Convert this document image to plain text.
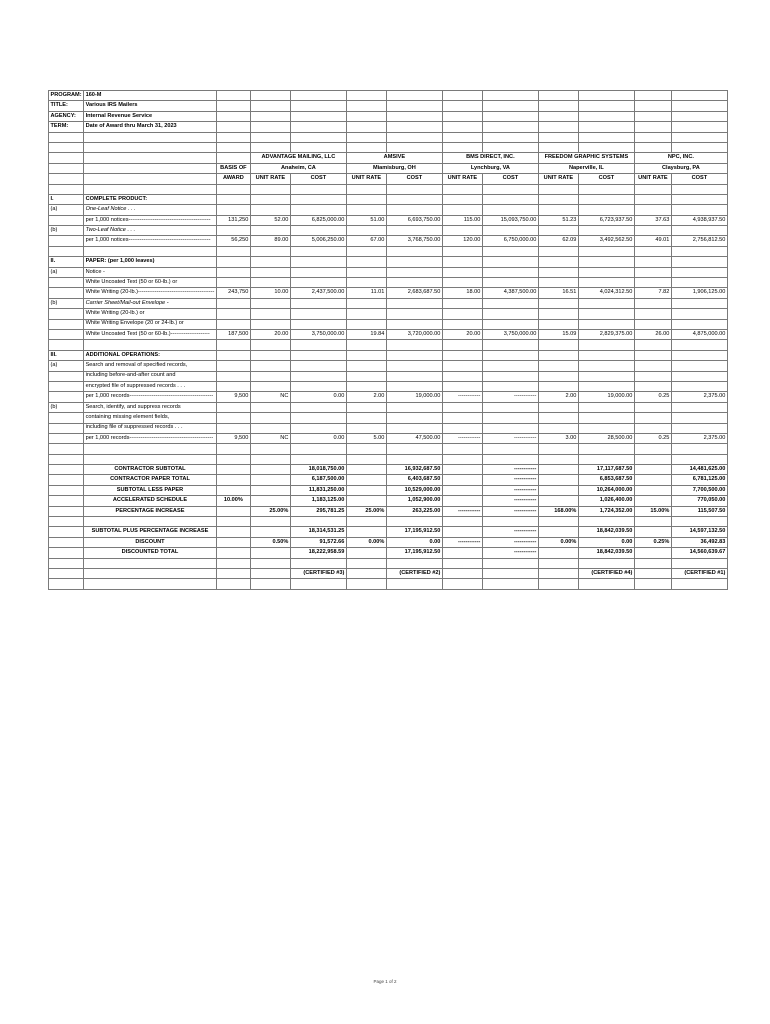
PROGRAM:	160-M											
TITLE:	Various IRS Mailers											
AGENCY:	Internal Revenue Service											
TERM:	Date of Award thru March 31, 2023											

			ADVANTAGE MAILING, LLC		AMSIVE		BMS DIRECT, INC.		FREEDOM GRAPHIC SYSTEMS		NPC, INC.	
		BASIS OF	Anaheim, CA		Miamisburg, OH		Lynchburg, VA		Naperville, IL		Claysburg, PA	
		AWARD	UNIT RATE	COST	UNIT RATE	COST	UNIT RATE	COST	UNIT RATE	COST	UNIT RATE	COST

I.	COMPLETE PRODUCT:											
(a)	One-Leaf Notice . . .											
	per 1,000 notices--------------------------------------------	131,250	52.00	6,825,000.00	51.00	6,693,750.00	115.00	15,093,750.00	51.23	6,723,937.50	37.63	4,938,937.50
(b)	Two-Leaf Notice . . .											
	per 1,000 notices--------------------------------------------	56,250	89.00	5,006,250.00	67.00	3,768,750.00	120.00	6,750,000.00	62.09	3,492,562.50	49.01	2,756,812.50

II.	PAPER: (per 1,000 leaves)											
(a)	Notice -											
	White Uncoated Text (50 or 60-lb.) or											
	White Writing (20-lb.)-----------------------------------------	243,750	10.00	2,437,500.00	11.01	2,683,687.50	18.00	4,387,500.00	16.51	4,024,312.50	7.82	1,906,125.00
(b)	Carrier Sheet/Mail-out Envelope -											
	White Writing (20-lb.) or											
	White Writing Envelope (20 or 24-lb.) or											
	White Uncoated Text (50 or 60-lb.)---------------------	187,500	20.00	3,750,000.00	19.84	3,720,000.00	20.00	3,750,000.00	15.09	2,829,375.00	26.00	4,875,000.00

III.	ADDITIONAL OPERATIONS:											
(a)	Search and removal of specified records,											
	including before-and-after count and											
	encrypted file of suppressed records . . .											
	per 1,000 records---------------------------------------------	9,500	NC	0.00	2.00	19,000.00	------------	------------	2.00	19,000.00	0.25	2,375.00
(b)	Search, identify, and suppress records											
	containing missing element fields,											
	including file of suppressed records . . .											
	per 1,000 records---------------------------------------------	9,500	NC	0.00	5.00	47,500.00	------------	------------	3.00	28,500.00	0.25	2,375.00

	CONTRACTOR SUBTOTAL			18,018,750.00		16,932,687.50		------------		17,117,687.50		14,481,625.00
	CONTRACTOR PAPER TOTAL			6,187,500.00		6,403,687.50		------------		6,853,687.50		6,781,125.00
	SUBTOTAL LESS PAPER			11,831,250.00		10,529,000.00		------------		10,264,000.00		7,700,500.00
	ACCELERATED SCHEDULE	10.00%		1,183,125.00		1,052,900.00		------------		1,026,400.00		770,050.00
	PERCENTAGE INCREASE		25.00%	295,781.25	25.00%	263,225.00	------------	------------	168.00%	1,724,352.00	15.00%	115,507.50

	SUBTOTAL PLUS PERCENTAGE INCREASE			18,314,531.25		17,195,912.50		------------		18,842,039.50		14,597,132.50
	DISCOUNT		0.50%	91,572.66	0.00%	0.00	------------	------------	0.00%	0.00	0.25%	36,492.83
	DISCOUNTED TOTAL			18,222,958.59		17,195,912.50		------------		18,842,039.50		14,560,639.67

				(CERTIFIED #3)		(CERTIFIED #2)				(CERTIFIED #4)		(CERTIFIED #1)

Page 1 of 2
